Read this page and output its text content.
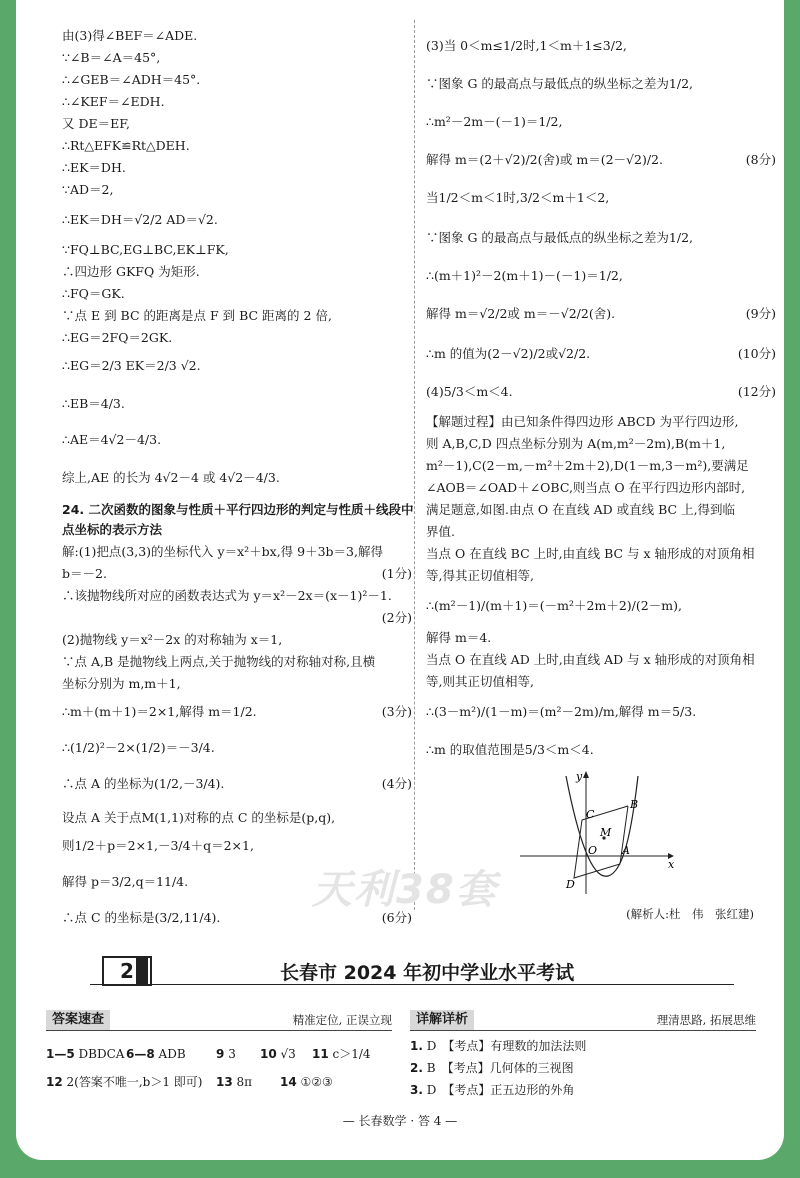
由(3)得∠BEF＝∠ADE.
∵∠B＝∠A＝45°,
∴∠GEB＝∠ADH＝45°.
∴∠KEF＝∠EDH.
又 DE＝EF,
∴Rt△EFK≌Rt△DEH.
∴EK＝DH.
∵AD＝2,
∴EK＝DH＝√2/2 AD＝√2.
∵FQ⊥BC,EG⊥BC,EK⊥FK,
∴四边形 GKFQ 为矩形.
∴FQ＝GK.
∵点 E 到 BC 的距离是点 F 到 BC 距离的 2 倍,
∴EG＝2FQ＝2GK.
∴EG＝2/3 EK＝2/3 √2.
∴EB＝4/3.
∴AE＝4√2－4/3.
综上,AE 的长为 4√2－4 或 4√2－4/3.
24. 二次函数的图象与性质＋平行四边形的判定与性质＋线段中
点坐标的表示方法
解:(1)把点(3,3)的坐标代入 y＝x²＋bx,得 9＋3b＝3,解得
b＝－2.
∴该抛物线所对应的函数表达式为 y＝x²－2x＝(x－1)²－1.
(2)抛物线 y＝x²－2x 的对称轴为 x＝1,
∵点 A,B 是抛物线上两点,关于抛物线的对称轴对称,且横
坐标分别为 m,m＋1,
∴m＋(m＋1)＝2×1,解得 m＝1/2.
∴(1/2)²－2×(1/2)＝－3/4.
∴点 A 的坐标为(1/2,－3/4).
设点 A 关于点M(1,1)对称的点 C 的坐标是(p,q),
则1/2＋p＝2×1,－3/4＋q＝2×1,
解得 p＝3/2,q＝11/4.
∴点 C 的坐标是(3/2,11/4).
(1分)
(2分)
(3分)
(4分)
(6分)
(3)当 0＜m≤1/2时,1＜m＋1≤3/2,
∵图象 G 的最高点与最低点的纵坐标之差为1/2,
∴m²－2m－(－1)＝1/2,
解得 m＝(2＋√2)/2(舍)或 m＝(2－√2)/2.
当1/2＜m＜1时,3/2＜m＋1＜2,
∵图象 G 的最高点与最低点的纵坐标之差为1/2,
∴(m＋1)²－2(m＋1)－(－1)＝1/2,
解得 m＝√2/2或 m＝－√2/2(舍).
∴m 的值为(2－√2)/2或√2/2.
(4)5/3＜m＜4.
【解题过程】由已知条件得四边形 ABCD 为平行四边形,
则 A,B,C,D 四点坐标分别为 A(m,m²－2m),B(m＋1,
m²－1),C(2－m,－m²＋2m＋2),D(1－m,3－m²),要满足
∠AOB＝∠OAD＋∠OBC,则当点 O 在平行四边形内部时,
满足题意,如图.由点 O 在直线 AD 或直线 BC 上,得到临
界值.
当点 O 在直线 BC 上时,由直线 BC 与 x 轴形成的对顶角相
等,得其正切值相等,
∴(m²－1)/(m＋1)＝(－m²＋2m＋2)/(2－m),
解得 m＝4.
当点 O 在直线 AD 上时,由直线 AD 与 x 轴形成的对顶角相
等,则其正切值相等,
∴(3－m²)/(1－m)＝(m²－2m)/m,解得 m＝5/3.
∴m 的取值范围是5/3＜m＜4.
(8分)
(9分)
(10分)
(12分)
天利38套
y
x
B
C
M
O A
D
(解析人:杜　伟　张红建)
2	长春市 2024 年初中学业水平考试
答案速查	精准定位, 正误立现	详解详析	理清思路, 拓展思维
— 长春数学 · 答 4 —
1—5 DBDCA 6—8 ADB	9 3 10 √3 11 c＞1/4
12 2(答案不唯一,b＞1 即可) 13 8π 14 ①②③
1. D 【考点】有理数的加法法则
2. B 【考点】几何体的三视图
3. D 【考点】正五边形的外角
